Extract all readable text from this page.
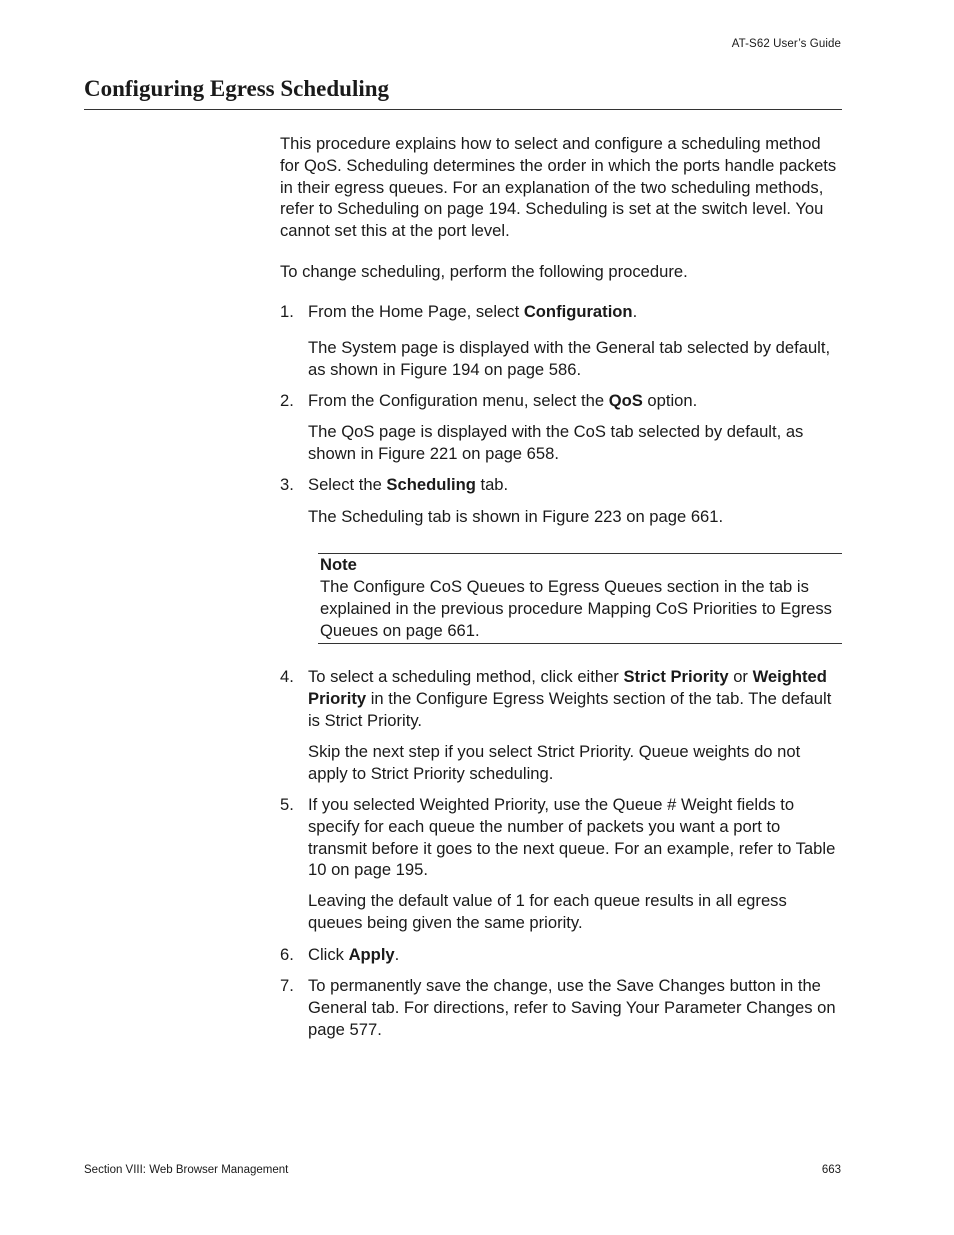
AT-S62 User’s Guide
Configuring Egress Scheduling

This procedure explains how to select and configure a scheduling method for QoS. Scheduling determines the order in which the ports handle packets in their egress queues. For an explanation of the two scheduling methods, refer to Scheduling on page 194. Scheduling is set at the switch level. You cannot set this at the port level.

To change scheduling, perform the following procedure.

1. From the Home Page, select Configuration.

The System page is displayed with the General tab selected by default, as shown in Figure 194 on page 586.

2. From the Configuration menu, select the QoS option.

The QoS page is displayed with the CoS tab selected by default, as shown in Figure 221 on page 658.

3. Select the Scheduling tab.

The Scheduling tab is shown in Figure 223 on page 661.

Note

The Configure CoS Queues to Egress Queues section in the tab is explained in the previous procedure Mapping CoS Priorities to Egress Queues on page 661.

4. To select a scheduling method, click either Strict Priority or Weighted Priority in the Configure Egress Weights section of the tab. The default is Strict Priority.

Skip the next step if you select Strict Priority. Queue weights do not apply to Strict Priority scheduling.

5. If you selected Weighted Priority, use the Queue # Weight fields to specify for each queue the number of packets you want a port to transmit before it goes to the next queue. For an example, refer to Table 10 on page 195.

Leaving the default value of 1 for each queue results in all egress queues being given the same priority.

6. Click Apply.

7. To permanently save the change, use the Save Changes button in the General tab. For directions, refer to Saving Your Parameter Changes on page 577.

Section VIII: Web Browser Management	663
